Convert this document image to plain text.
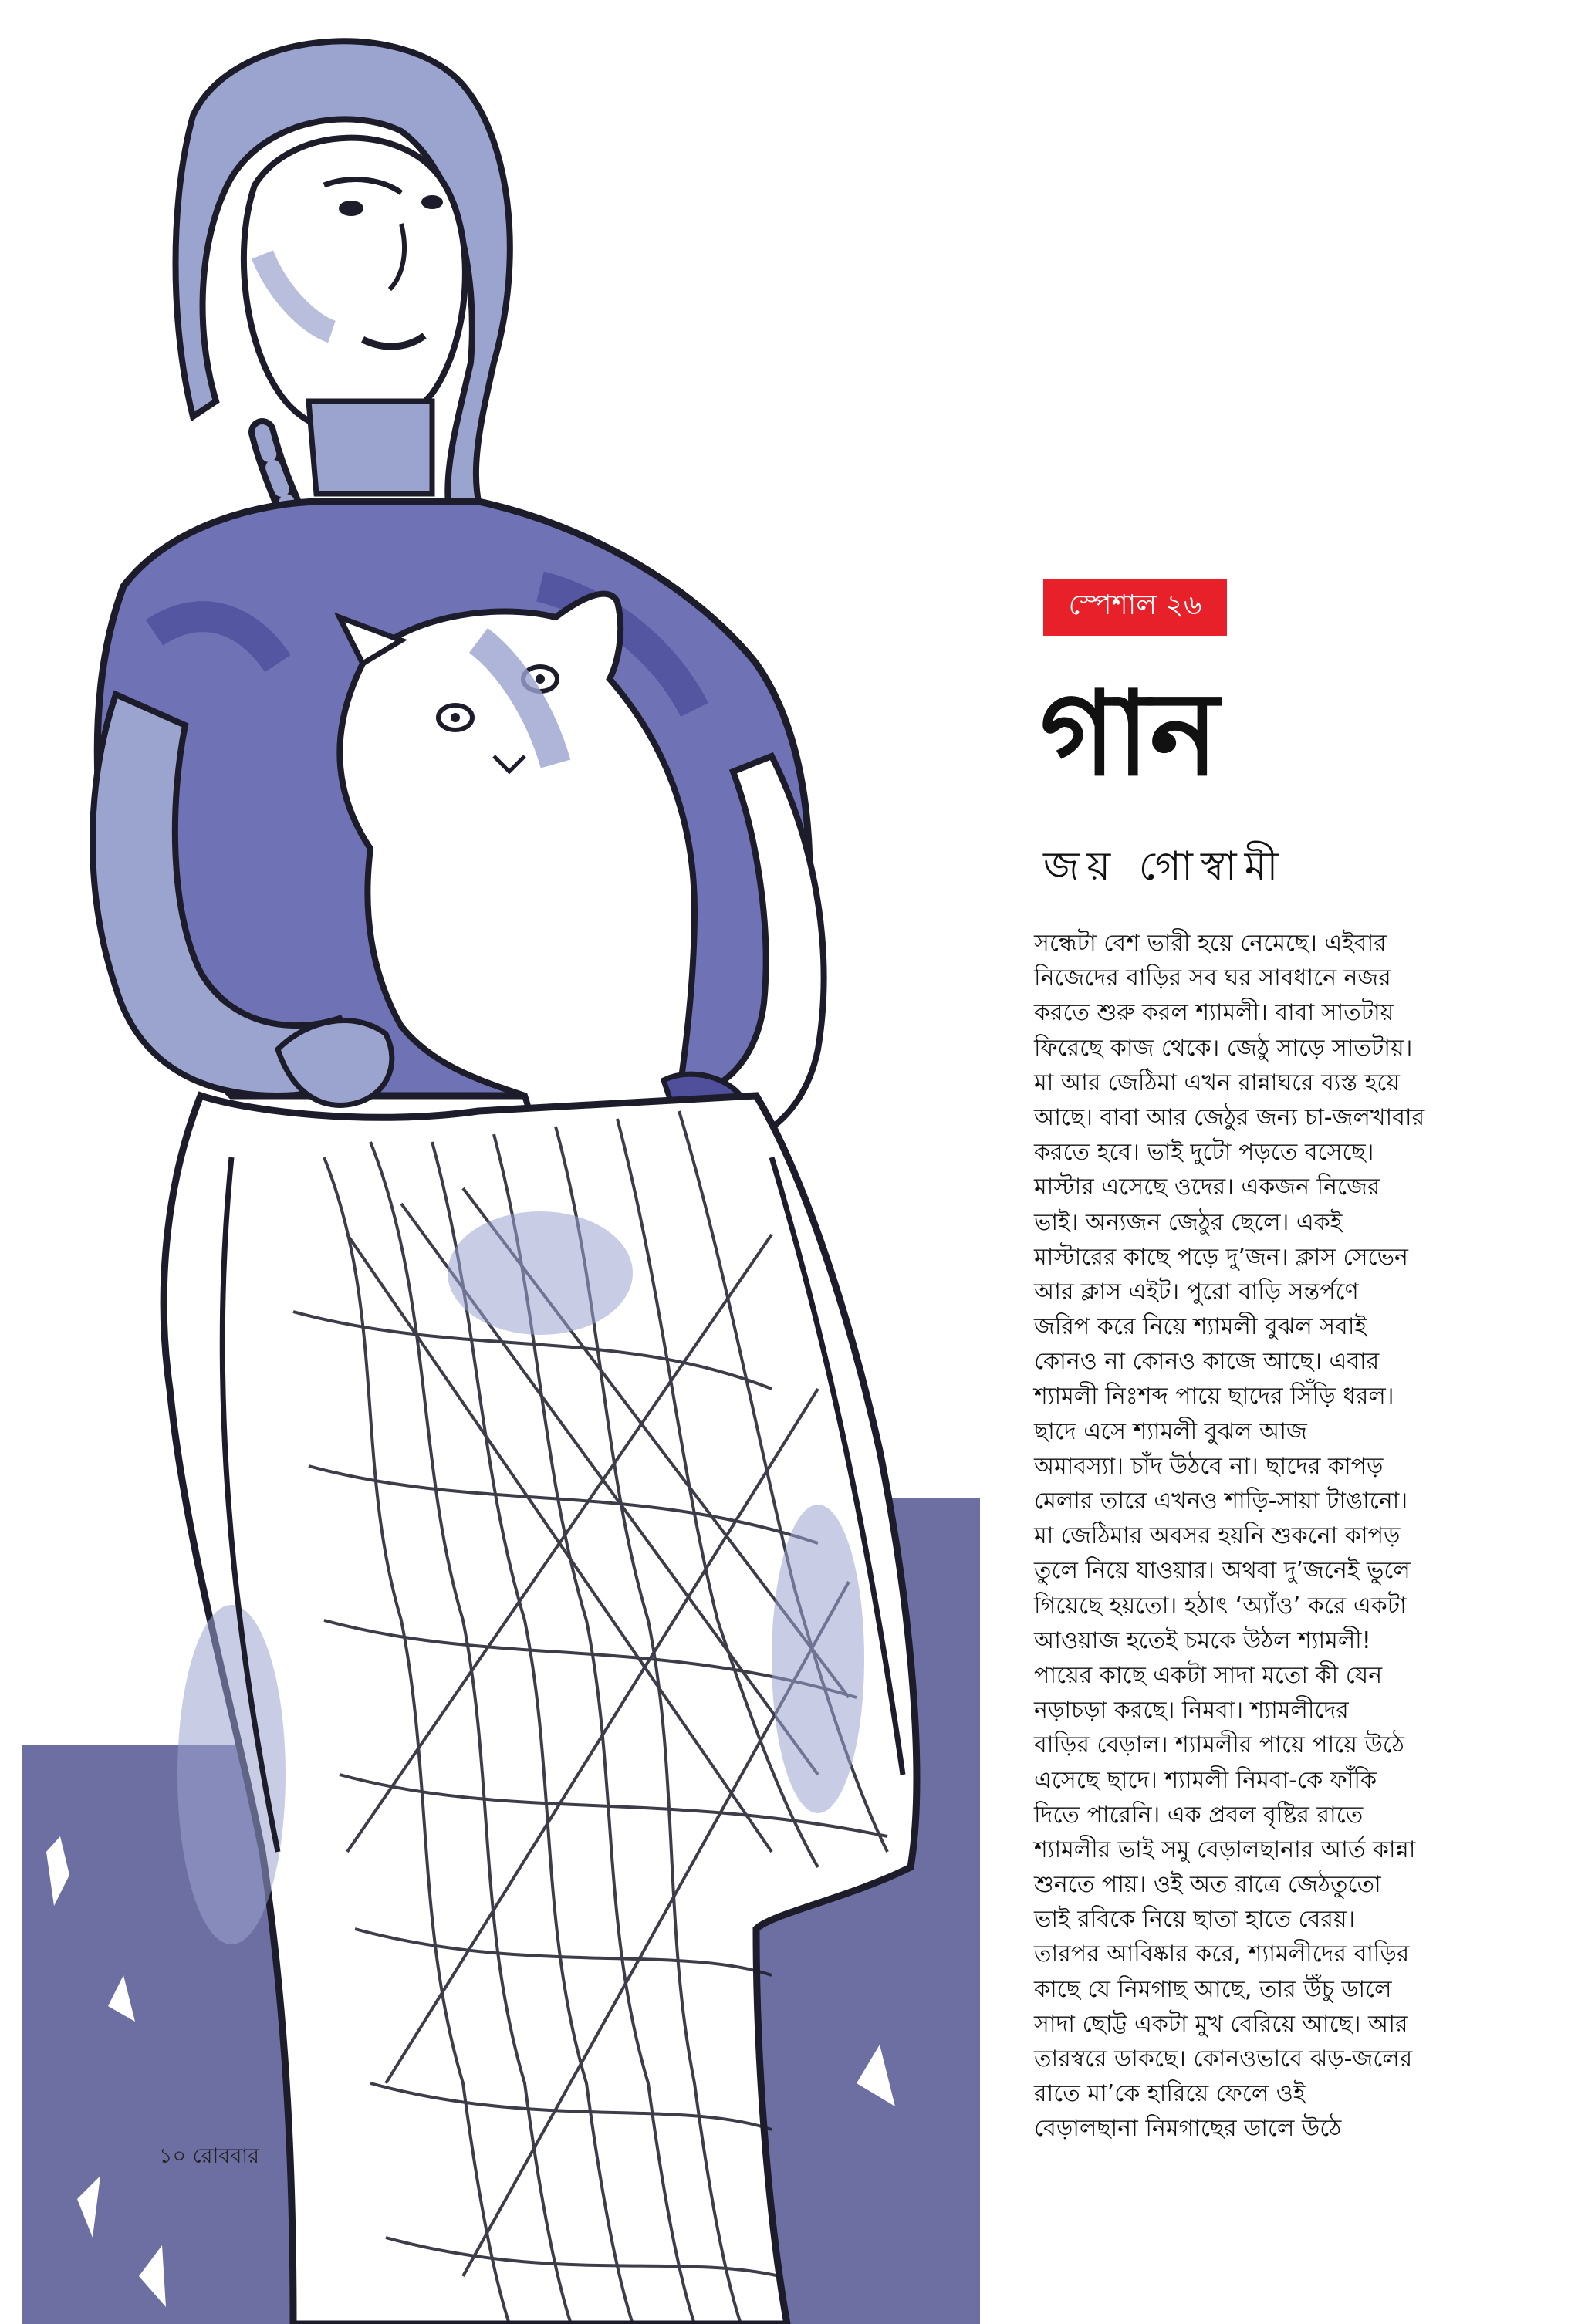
স্পেশাল ২৬
গান
জয় গোস্বামী
সন্ধেটা বেশ ভারী হয়ে নেমেছে। এইবার
নিজেদের বাড়ির সব ঘর সাবধানে নজর
করতে শুরু করল শ্যামলী। বাবা সাতটায়
ফিরেছে কাজ থেকে। জেঠু সাড়ে সাতটায়।
মা আর জেঠিমা এখন রান্নাঘরে ব্যস্ত হয়ে
আছে। বাবা আর জেঠুর জন্য চা-জলখাবার
করতে হবে। ভাই দুটো পড়তে বসেছে।
মাস্টার এসেছে ওদের। একজন নিজের
ভাই। অন্যজন জেঠুর ছেলে। একই
মাস্টারের কাছে পড়ে দু’জন। ক্লাস সেভেন
আর ক্লাস এইট। পুরো বাড়ি সন্তর্পণে
জরিপ করে নিয়ে শ্যামলী বুঝল সবাই
কোনও না কোনও কাজে আছে। এবার
শ্যামলী নিঃশব্দ পায়ে ছাদের সিঁড়ি ধরল।
ছাদে এসে শ্যামলী বুঝল আজ
অমাবস্যা। চাঁদ উঠবে না। ছাদের কাপড়
মেলার তারে এখনও শাড়ি-সায়া টাঙানো।
মা জেঠিমার অবসর হয়নি শুকনো কাপড়
তুলে নিয়ে যাওয়ার। অথবা দু’জনেই ভুলে
গিয়েছে হয়তো। হঠাৎ ‘অ্যাঁও’ করে একটা
আওয়াজ হতেই চমকে উঠল শ্যামলী!
পায়ের কাছে একটা সাদা মতো কী যেন
নড়াচড়া করছে। নিমবা। শ্যামলীদের
বাড়ির বেড়াল। শ্যামলীর পায়ে পায়ে উঠে
এসেছে ছাদে। শ্যামলী নিমবা-কে ফাঁকি
দিতে পারেনি। এক প্রবল বৃষ্টির রাতে
শ্যামলীর ভাই সমু বেড়ালছানার আর্ত কান্না
শুনতে পায়। ওই অত রাত্রে জেঠতুতো
ভাই রবিকে নিয়ে ছাতা হাতে বেরয়।
তারপর আবিষ্কার করে, শ্যামলীদের বাড়ির
কাছে যে নিমগাছ আছে, তার উঁচু ডালে
সাদা ছোট্ট একটা মুখ বেরিয়ে আছে। আর
তারস্বরে ডাকছে। কোনওভাবে ঝড়-জলের
রাতে মা’কে হারিয়ে ফেলে ওই
বেড়ালছানা নিমগাছের ডালে উঠে
১০ রোববার
